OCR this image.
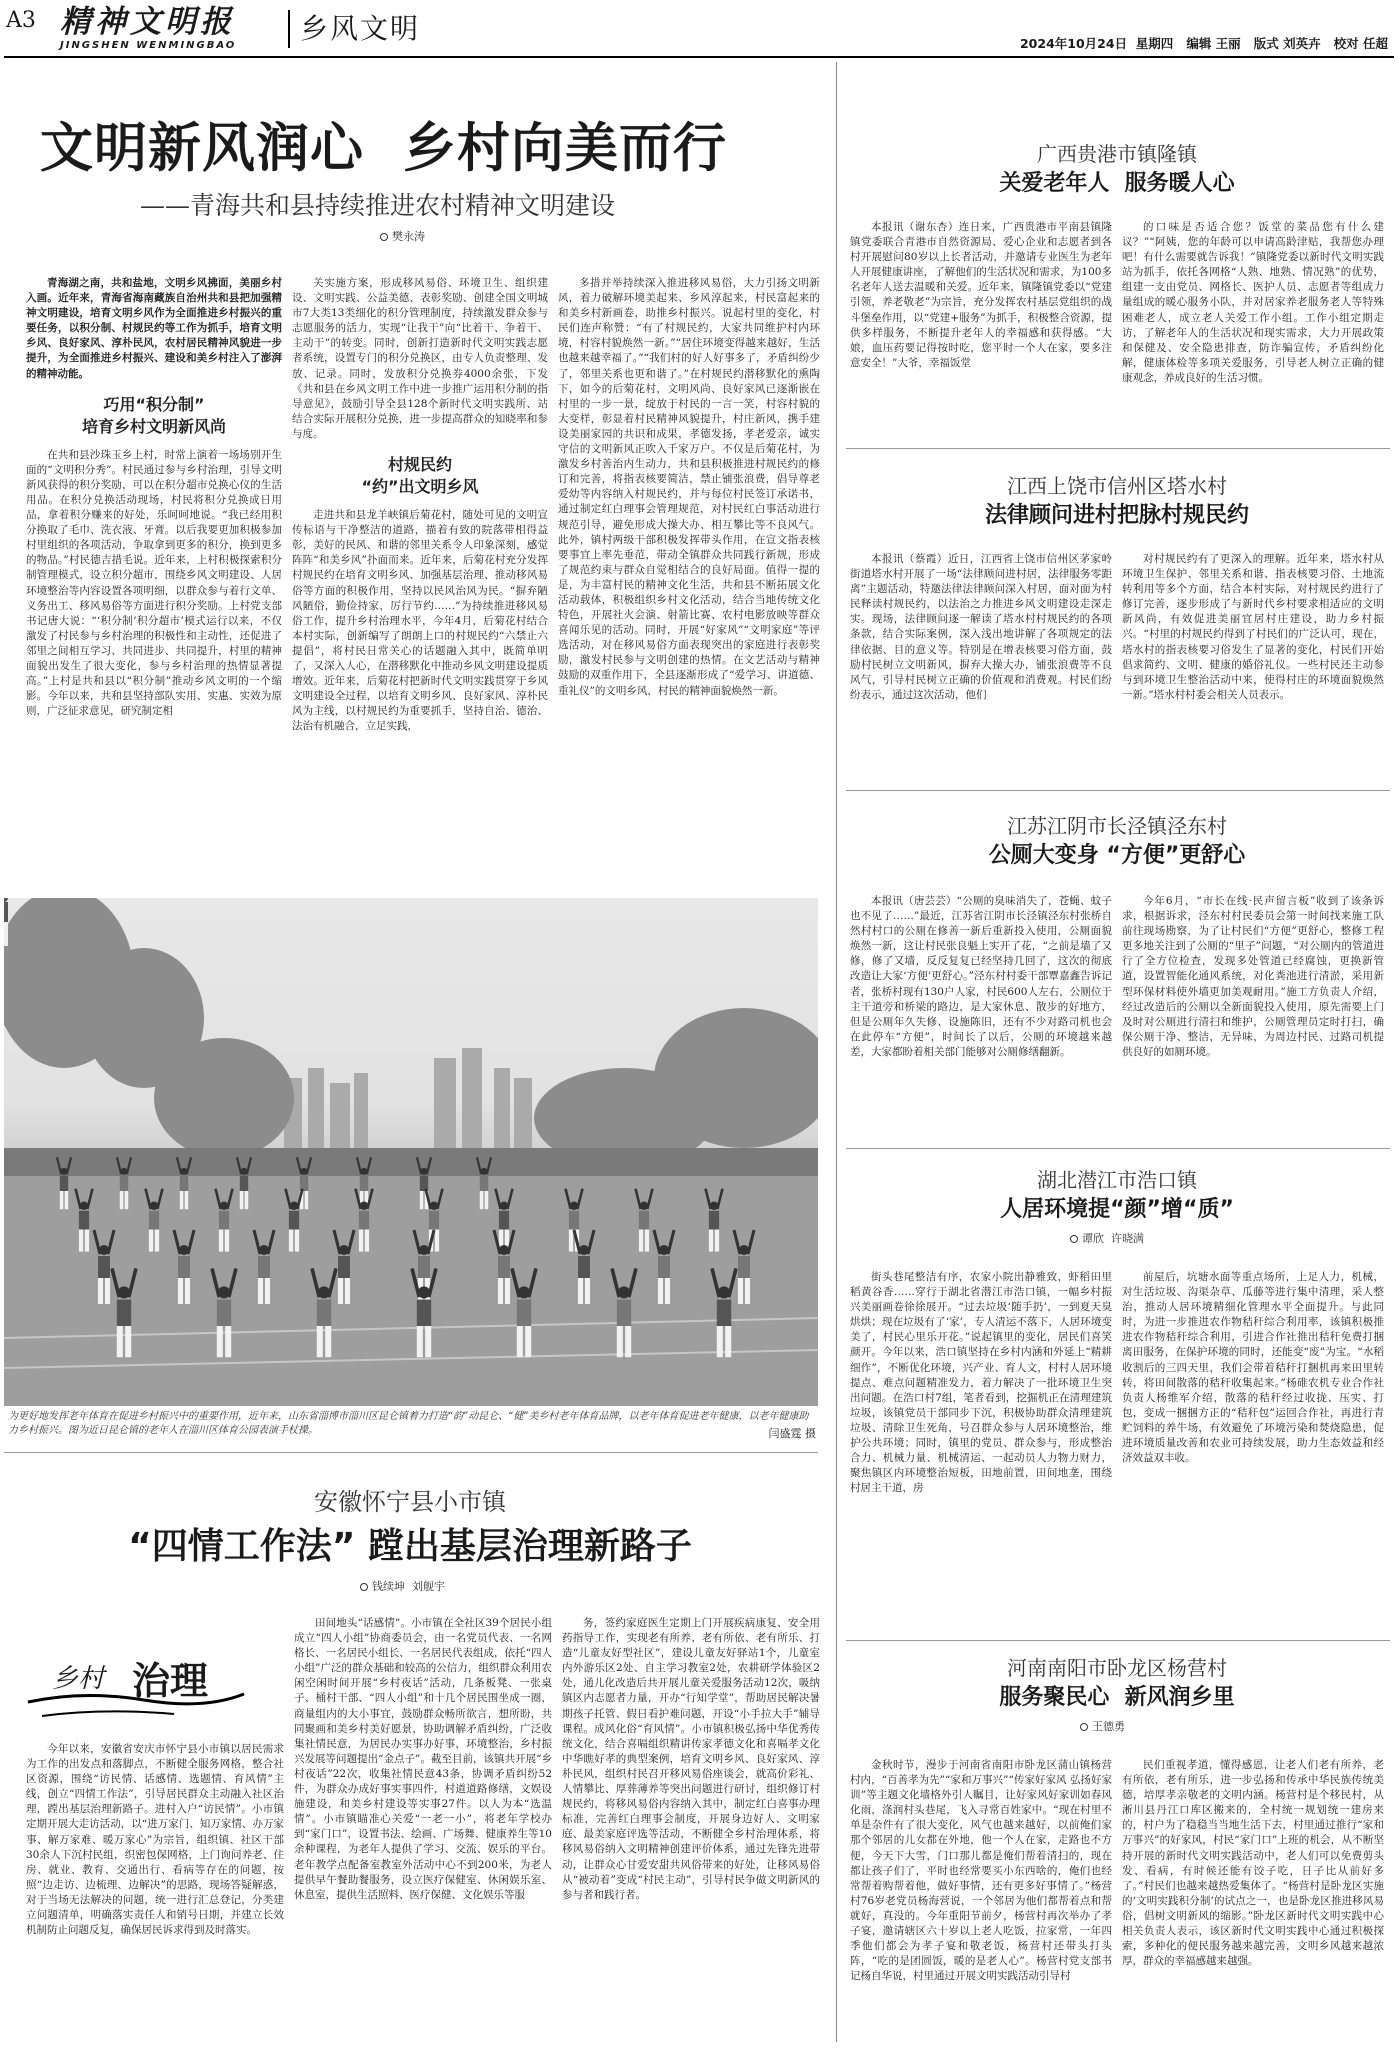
A3 精神文明报
JINGSHEN WENMINGBAO
乡风文明	2024年10月24日  星期四   编辑 王丽   版式 刘英卉   校对 任超
文明新风润心  乡村向美而行
——青海共和县持续推进农村精神文明建设
樊永涛

青海湖之南，共和盐地，文明乡风拂面，美丽乡村入画。近年来，青海省海南藏族自治州共和县把加强精神文明建设，培育文明乡风作为全面推进乡村振兴的重要任务，以积分制、村规民约等工作为抓手，培育文明乡风、良好家风、淳朴民风，农村居民精神风貌进一步提升，为全面推进乡村振兴、建设和美乡村注入了澎湃的精神动能。

巧用“积分制”
培育乡村文明新风尚

在共和县沙珠玉乡上村，时常上演着一场场别开生面的“文明积分秀”。村民通过参与乡村治理，引导文明新风获得的积分奖励，可以在积分超市兑换心仪的生活用品。在积分兑换活动现场，村民将积分兑换成日用品，拿着积分赚来的好处，乐呵呵地说。“我已经用积分换取了毛巾、洗衣液、牙膏。以后我要更加积极参加村里组织的各项活动，争取拿到更多的积分，换到更多的物品。”村民德吉措毛说。近年来，上村积极探索积分制管理模式，设立积分超市，围绕乡风文明建设、人居环境整治等内容设置各项明细，以群众参与着行文单、义务出工、移风易俗等方面进行积分奖励。上村党支部书记唐大说：“‘积分制’积分超市’模式运行以来，不仅激发了村民参与乡村治理的积极性和主动性，还促进了邻里之间相互学习、共同进步、共同提升，村里的精神面貌出发生了很大变化，参与乡村治理的热情显著提高。”上村是共和县以“积分制”推动乡风文明的一个缩影。今年以来，共和县坚持部队实用、实惠、实效为原则，广泛征求意见，研究制定相

关实施方案，形成移风易俗、环境卫生、组织建设、文明实践、公益美德、表彰奖励、创建全国文明城市7大类13类细化的积分管理制度，持续激发群众参与志愿服务的活力，实现“让我干”向“比着干、争着干、主动干”的转变。同时，创新打造新时代文明实践志愿者系统，设置专门的积分兑换区，由专人负责整理、发放、记录。同时，发放积分兑换券4000余张，下发《共和县在乡风文明工作中进一步推广运用积分制的指导意见》，鼓励引导全县128个新时代文明实践所、站结合实际开展积分兑换，进一步提高群众的知晓率和参与度。

村规民约
“约”出文明乡风

走进共和县龙羊峡镇后菊花村，随处可见的文明宣传标语与干净整洁的道路，描着有致的院落带相得益彰，美好的民风、和谐的邻里关系令人印象深刻，感觉阵阵“和美乡风”扑面而来。近年来，后菊花村充分发挥村规民约在培育文明乡风、加强基层治理、推动移风易俗等方面的积极作用，坚持以民风治风为民。“摒弃陋风陋俗，勤俭持家，厉行节约……”为持续推进移风易俗工作，提升乡村治理水平，今年4月，后菊花村结合本村实际，创新编写了朗朗上口的村规民约“六禁止六提倡”，将村民日常关心的话题融入其中，既简单明了，又深入人心，在潜移默化中推动乡风文明建设提质增效。近年来，后菊花村把新时代文明实践贯穿于乡风文明建设全过程，以培育文明乡风、良好家风、淳朴民风为主线，以村规民约为重要抓手，坚持自治、德治、法治有机融合，立足实践，

多措并举持续深入推进移风易俗，大力引扬文明新风，着力破解环境美起来、乡风淳起来，村民富起来的和美乡村新画卷，助推乡村振兴。说起村里的变化，村民们连声称赞：“有了村规民约，大家共同维护村内环境，村容村貌焕然一新。”“居住环境变得越来越好，生活也越来越幸福了。”“我们村的好人好事多了，矛盾纠纷少了，邻里关系也更和谐了。”在村规民约潜移默化的熏陶下，如今的后菊花村，文明风尚、良好家风已逐渐嵌在村里的一步一景，绽放于村民的一言一笑，村容村貌的大变样，彰显着村民精神风貌提升，村庄新风，携手建设美丽家园的共识和成果，孝德发扬，孝老爱亲，诚实守信的文明新风正吹入千家万户。不仅是后菊花村，为激发乡村善治内生动力，共和县积极推进村规民约的修订和完善，将指表核要简洁，禁止铺张浪费，倡导尊老爱幼等内容纳入村规民约，并与每位村民签订承诺书，通过制定红白理事会管理规范，对村民红白事活动进行规范引导，避免形成大操大办、相互攀比等不良风气。此外，镇村两级干部积极发挥带头作用，在宣文指表核要事宜上率先垂范，带动全镇群众共同践行新规，形成了规范约束与群众自觉相结合的良好局面。值得一提的是，为丰富村民的精神文化生活，共和县不断拓展文化活动载体，积极组织乡村文化活动，结合当地传统文化特色，开展社火会演、射箭比赛、农村电影放映等群众喜闻乐见的活动。同时，开展“好家风”“文明家庭”等评选活动，对在移风易俗方面表现突出的家庭进行表彰奖励，激发村民参与文明创建的热情。在文艺活动与精神鼓励的双重作用下，全县逐渐形成了“爱学习、讲道德、重礼仪”的文明乡风，村民的精神面貌焕然一新。

为更好地发挥老年体育在促进乡村振兴中的重要作用，近年来，山东省淄博市淄川区昆仑镇着力打造“韵”动昆仑、“健”美乡村老年体育品牌，以老年体育促进老年健康，以老年健康助力乡村振兴。图为近日昆仑镇的老年人在淄川区体育公园表演手杖操。	闫盛霆 摄
安徽怀宁县小市镇
“四情工作法” 蹚出基层治理新路子
钱续坤  刘舰宇
乡村 治理

今年以来，安徽省安庆市怀宁县小市镇以居民需求为工作的出发点和落脚点，不断健全服务网格，整合社区资源，围绕“访民情、话感情、选题情、育风情”主线，创立“四情工作法”，引导居民群众主动融入社区治理，蹚出基层治理新路子。进村入户“访民情”。小市镇定期开展大走访活动，以“进万家门、知万家情、办万家事、解万家难、暖万家心”为宗旨，组织镇、社区干部30余人下沉村民组，织密包保网格，上门询问养老、住房、就业、教育、交通出行、看病等存在的问题，按照“边走访、边梳理、边解决”的思路，现场答疑解惑，对于当场无法解决的问题，统一进行汇总登记，分类建立问题清单，明确落实责任人和销号日期，并建立长效机制防止问题反复，确保居民诉求得到及时落实。

田间地头“话感情”。小市镇在全社区39个居民小组成立“四人小组”协商委员会，由一名党员代表、一名网格长、一名居民小组长、一名居民代表组成，依托“四人小组”广泛的群众基础和较高的公信力，组织群众利用农闲空闲时间开展“乡村夜话”活动，几条板凳、一张桌子、桶村干部、“四人小组”和十几个居民围坐成一圈，商量组内的大小事宜，鼓励群众畅所欲言，想所盼，共同聚画和美乡村美好愿景，协助调解矛盾纠纷，广泛收集社情民意，为居民办实事办好事，环境整治，乡村振兴发展等问题提出“金点子”。截至目前，该镇共开展“乡村夜话”22次，收集社情民意43条，协调矛盾纠纷52件，为群众办成好事实事四件，村道道路修缮，文娱设施建设，和美乡村建设等实事27件。以人为本“选温情”。小市镇瞄准心关爱“一老一小”，将老年学校办到“家门口”，设置书法、绘画、广场舞、健康养生等10余种课程，为老年人提供了学习、交流、娱乐的平台。老年教学点配备室教室外活动中心不到200米，为老人提供早午餐助餐服务，设立医疗保健室、休闲娱乐室、休息室，提供生活照料、医疗保健、文化娱乐等服

务，签约家庭医生定期上门开展疾病康复、安全用药指导工作，实现老有所养、老有所依、老有所乐、打造“儿童友好型社区”，建设儿童友好驿站1个，儿童室内外游乐区2处、自主学习教室2处，农耕研学体验区2处，通儿化改造后共开展儿童关爱服务活动12次，吸纳镇区内志愿者力量，开办“行知学堂”，帮助居民解决暑期孩子托管、假日看护难问题，开设“小手拉大手”辅导课程。成风化俗“育风情”。小市镇积极弘扬中华优秀传统文化，结合喜嗝组织精讲传家孝德文化和喜嗝孝文化中华瞧好孝的典型案例，培育文明乡风、良好家风、淳朴民风，组织村民召开移风易俗座谈会，就高价彩礼、人情攀比、厚葬薄养等突出问题进行研讨，组织修订村规民约，将移风易俗内容纳入其中，制定红白喜事办理标准，完善红白理事会制度，开展身边好人、文明家庭、最美家庭评选等活动，不断健全乡村治理体系，将移风易俗纳入文明精神创建评价体系，通过先锋先进带动，让群众心甘爱安甜共风俗带来的好处，让移风易俗从“被动着”变成“村民主动”，引导村民争做文明新风的参与者和践行者。

广西贵港市镇隆镇
关爱老年人  服务暖人心

本报讯（谢东杏）连日来，广西贵港市平南县镇隆镇党委联合青港市自然资源局、爱心企业和志愿者到各村开展慰问80岁以上长者活动，并邀请专业医生为老年人开展健康讲座，了解他们的生活状况和需求，为100多名老年人送去温暖和关爱。近年来，镇隆镇党委以“党建引领，养老敬老”为宗旨，充分发挥农村基层党组织的战斗堡垒作用，以“党建+服务”为抓手，积极整合资源，提供多样服务，不断提升老年人的幸福感和获得感。“大娘，血压药要记得按时吃，您平时一个人在家，要多注意安全！”大爷，幸福饭堂

的口味是否适合您？饭堂的菜品您有什么建议？”“阿姨，您的年龄可以申请高龄津贴，我帮您办理吧！有什么需要就告诉我！”镇隆党委以新时代文明实践站为抓手，依托各网格“人熟、地熟、情况熟”的优势，组建一支由党员、网格长、医护人员、志愿者等组成力量组成的暖心服务小队，并对居家养老服务老人等特殊困难老人，成立老人关爱工作小组。工作小组定期走访，了解老年人的生活状况和现实需求，大力开展政策和保健及、安全隐患排查，防诈骗宣传，矛盾纠纷化解，健康体检等多项关爱服务，引导老人树立正确的健康观念，养成良好的生活习惯。

江西上饶市信州区塔水村
法律顾问进村把脉村规民约

本报讯（蔡霞）近日，江西省上饶市信州区茅家岭街道塔水村开展了一场“法律顾问进村居，法律服务零距离”主题活动，特邀法律法律顾问深入村居，面对面为村民释读村规民约，以法治之力推进乡风文明建设走深走实。现场，法律顾问逐一解读了塔水村村规民约的各项条款，结合实际案例，深入浅出地讲解了各项规定的法律依据、目的意义等。特别是在增表核要习俗方面，鼓励村民树立文明新风，摒弃大操大办，铺张浪费等不良风气，引导村民树立正确的价值观和消费观。村民们纷纷表示，通过这次活动，他们

对村规民约有了更深入的理解。近年来，塔水村从环境卫生保护、邻里关系和谐、指表核要习俗、土地流转利用等多个方面，结合本村实际，对村规民约进行了修订完善，逐步形成了与新时代乡村要求相适应的文明新风尚，有效促进美丽宜居村庄建设，助力乡村振兴。“村里的村规民约得到了村民们的广泛认可，现在，塔水村的指表核要习俗发生了显著的变化，村民们开始倡求简约、文明、健康的婚俗礼仪。一些村民还主动参与到环境卫生整治活动中来，使得村庄的环境面貌焕然一新。”塔水村村委会相关人员表示。

江苏江阴市长泾镇泾东村
公厕大变身 “方便”更舒心

本报讯（唐芸芸）“公厕的臭味消失了，苍蝇、蚊子也不见了……”最近，江苏省江阴市长泾镇泾东村张桥自然村村口的公厕在修善一新后重新投入使用，公厕面貌焕然一新，这让村民张良魁上实开了花，“之前是墙了又修，修了又墙，反反复复已经坚持几回了，这次的彻底改造让大家‘方便’更舒心。”泾东村村委干部覃嘉鑫告诉记者，张桥村现有130户人家，村民600人左右，公厕位于主干道旁和桥梁的路边，是大家休息、散步的好地方，但是公厕年久失修、设施陈旧，还有不少对路司机也会在此停车“方便”，时间长了以后，公厕的环境越来越差，大家都盼着相关部门能够对公厕修缮翻新。

今年6月，“市长在线·民声留言板”收到了该条诉求，根据诉求，泾东村村民委员会第一时间找来施工队前往现场勘察，为了让村民们“方便”更舒心，整修工程更多地关注到了公厕的“里子”问题，“对公厕内的管道进行了全方位检查，发现多处管道已经腐蚀，更换新管道，设置智能化通风系统，对化粪池进行清淤，采用新型环保材料使外墙更加美观耐用。”施工方负责人介绍，经过改造后的公厕以全新面貌投入使用，原先需要上门及时对公厕进行清扫和维护，公厕管理员定时打扫，确保公厕干净、整洁，无异味，为周边村民、过路司机提供良好的如厕环境。

湖北潜江市浩口镇
人居环境提“颜”增“质”
谭欣  许晓满

街头巷尾整洁有序，农家小院出静雅致，虾稻田里稻黄谷香……穿行于湖北省潜江市浩口镇，一幅乡村振兴美丽画卷徐徐展开。“过去垃圾‘随手扔’，一到夏天臭烘烘；现在垃圾有了‘家’，专人清运不落下，人居环境变美了，村民心里乐开花。”说起镇里的变化，居民们喜笑颜开。今年以来，浩口镇坚持在乡村内涵和外延上“精耕细作”，不断优化环境，兴产业、育人文，村村人居环境提点、难点问题精准发力，着力解决了一批环境卫生突出问题。在浩口村7组，笔者看到，挖掘机正在清理建筑垃圾，该镇党员干部同步下沉，积极协助群众清理建筑垃圾、清除卫生死角，号召群众参与人居环境整治，维护公共环境；同时，镇里的党员、群众参与，形成整治合力、机械力量、机械清运、一起动员人力物力财力，聚焦镇区内环境整治短板，田地前置，田间地垄，围绕村居主干道，房

前屋后，坑塘水面等重点场所，上足人力，机械，对生活垃圾、沟渠杂草、瓜藤等进行集中清理，采人整治，推动人居环境精细化管理水平全面提升。与此同时，为进一步推进农作物秸秆综合利用率，该镇积极推进农作物秸秆综合利用，引进合作社推出秸秆免费打捆离田服务，在保护环境的同时，还能变“废”为宝。“水稻收割后的三四天里，我们会带着秸秆打捆机再来田里转转，将田间散落的秸秆收集起来。”杨碓农机专业合作社负责人杨维军介绍，散落的秸秆经过收拢、压实、打包，变成一捆捆方正的“秸秆包”运回合作社，再进行青贮饲料的养牛场，有效避免了环境污染和焚烧隐患，促进环境质量改善和农业可持续发展，助力生态效益和经济效益双丰收。

河南南阳市卧龙区杨营村
服务聚民心  新风润乡里
王德勇

金秋时节，漫步于河南省南阳市卧龙区蒲山镇杨营村内，“百善孝为先”“家和万事兴”“传家好家风 弘扬好家训”等主题文化墙格外引人瞩目，让好家风好家训如春风化雨，涤润村头巷尾，飞入寻常百姓家中。“现在村里不单是杂件有了很大变化，风气也越来越好，以前俺们家那个邻居的儿女都在外地，他一个人在家，走路也不方便，今天下大雪，门口那儿都是俺们帮着清扫的，现在都让孩子们了，平时也经常要买小东西啥的，俺们也经常帮着购帮着他，做好事情，还有更多好事情了。”杨营村76岁老党员杨海营说，一个邻居为他们都帮着点和帮就好，真没的。今年重阳节前夕，杨营村再次举办了孝子宴，邀请辖区六十岁以上老人吃饭，拉家常，一年四季他们都会为孝子宴和敬老饭，杨营村还带头打头阵，“吃的是团圆饭，暖的是老人心”。杨营村党支部书记杨自华说，村里通过开展文明实践活动引导村

民们重视孝道，懂得感恩，让老人们老有所养，老有所依，老有所乐，进一步弘扬和传承中华民族传统美德，培厚孝亲敬老的文明内涵。杨营村是个移民村，从淅川县丹江口库区搬来的，全村统一规划统一建房来的，村户为了稳稳当当地生活下去，村里通过推行“家和万事兴”的好家风，村民“家门口”上班的机会，从不断坚持开展的新时代文明实践活动中，老人们可以免费剪头发、看病，有时候还能有饺子吃，日子比从前好多了。”村民们也越来越热爱集体了。“杨营村是卧龙区实施的‘文明实践积分制’的试点之一，也是卧龙区推进移风易俗，倡树文明新风的缩影。”卧龙区新时代文明实践中心相关负责人表示，该区新时代文明实践中心通过积极探索，多种化的便民服务越来越完善，文明乡风越来越浓厚，群众的幸福感越来越强。
